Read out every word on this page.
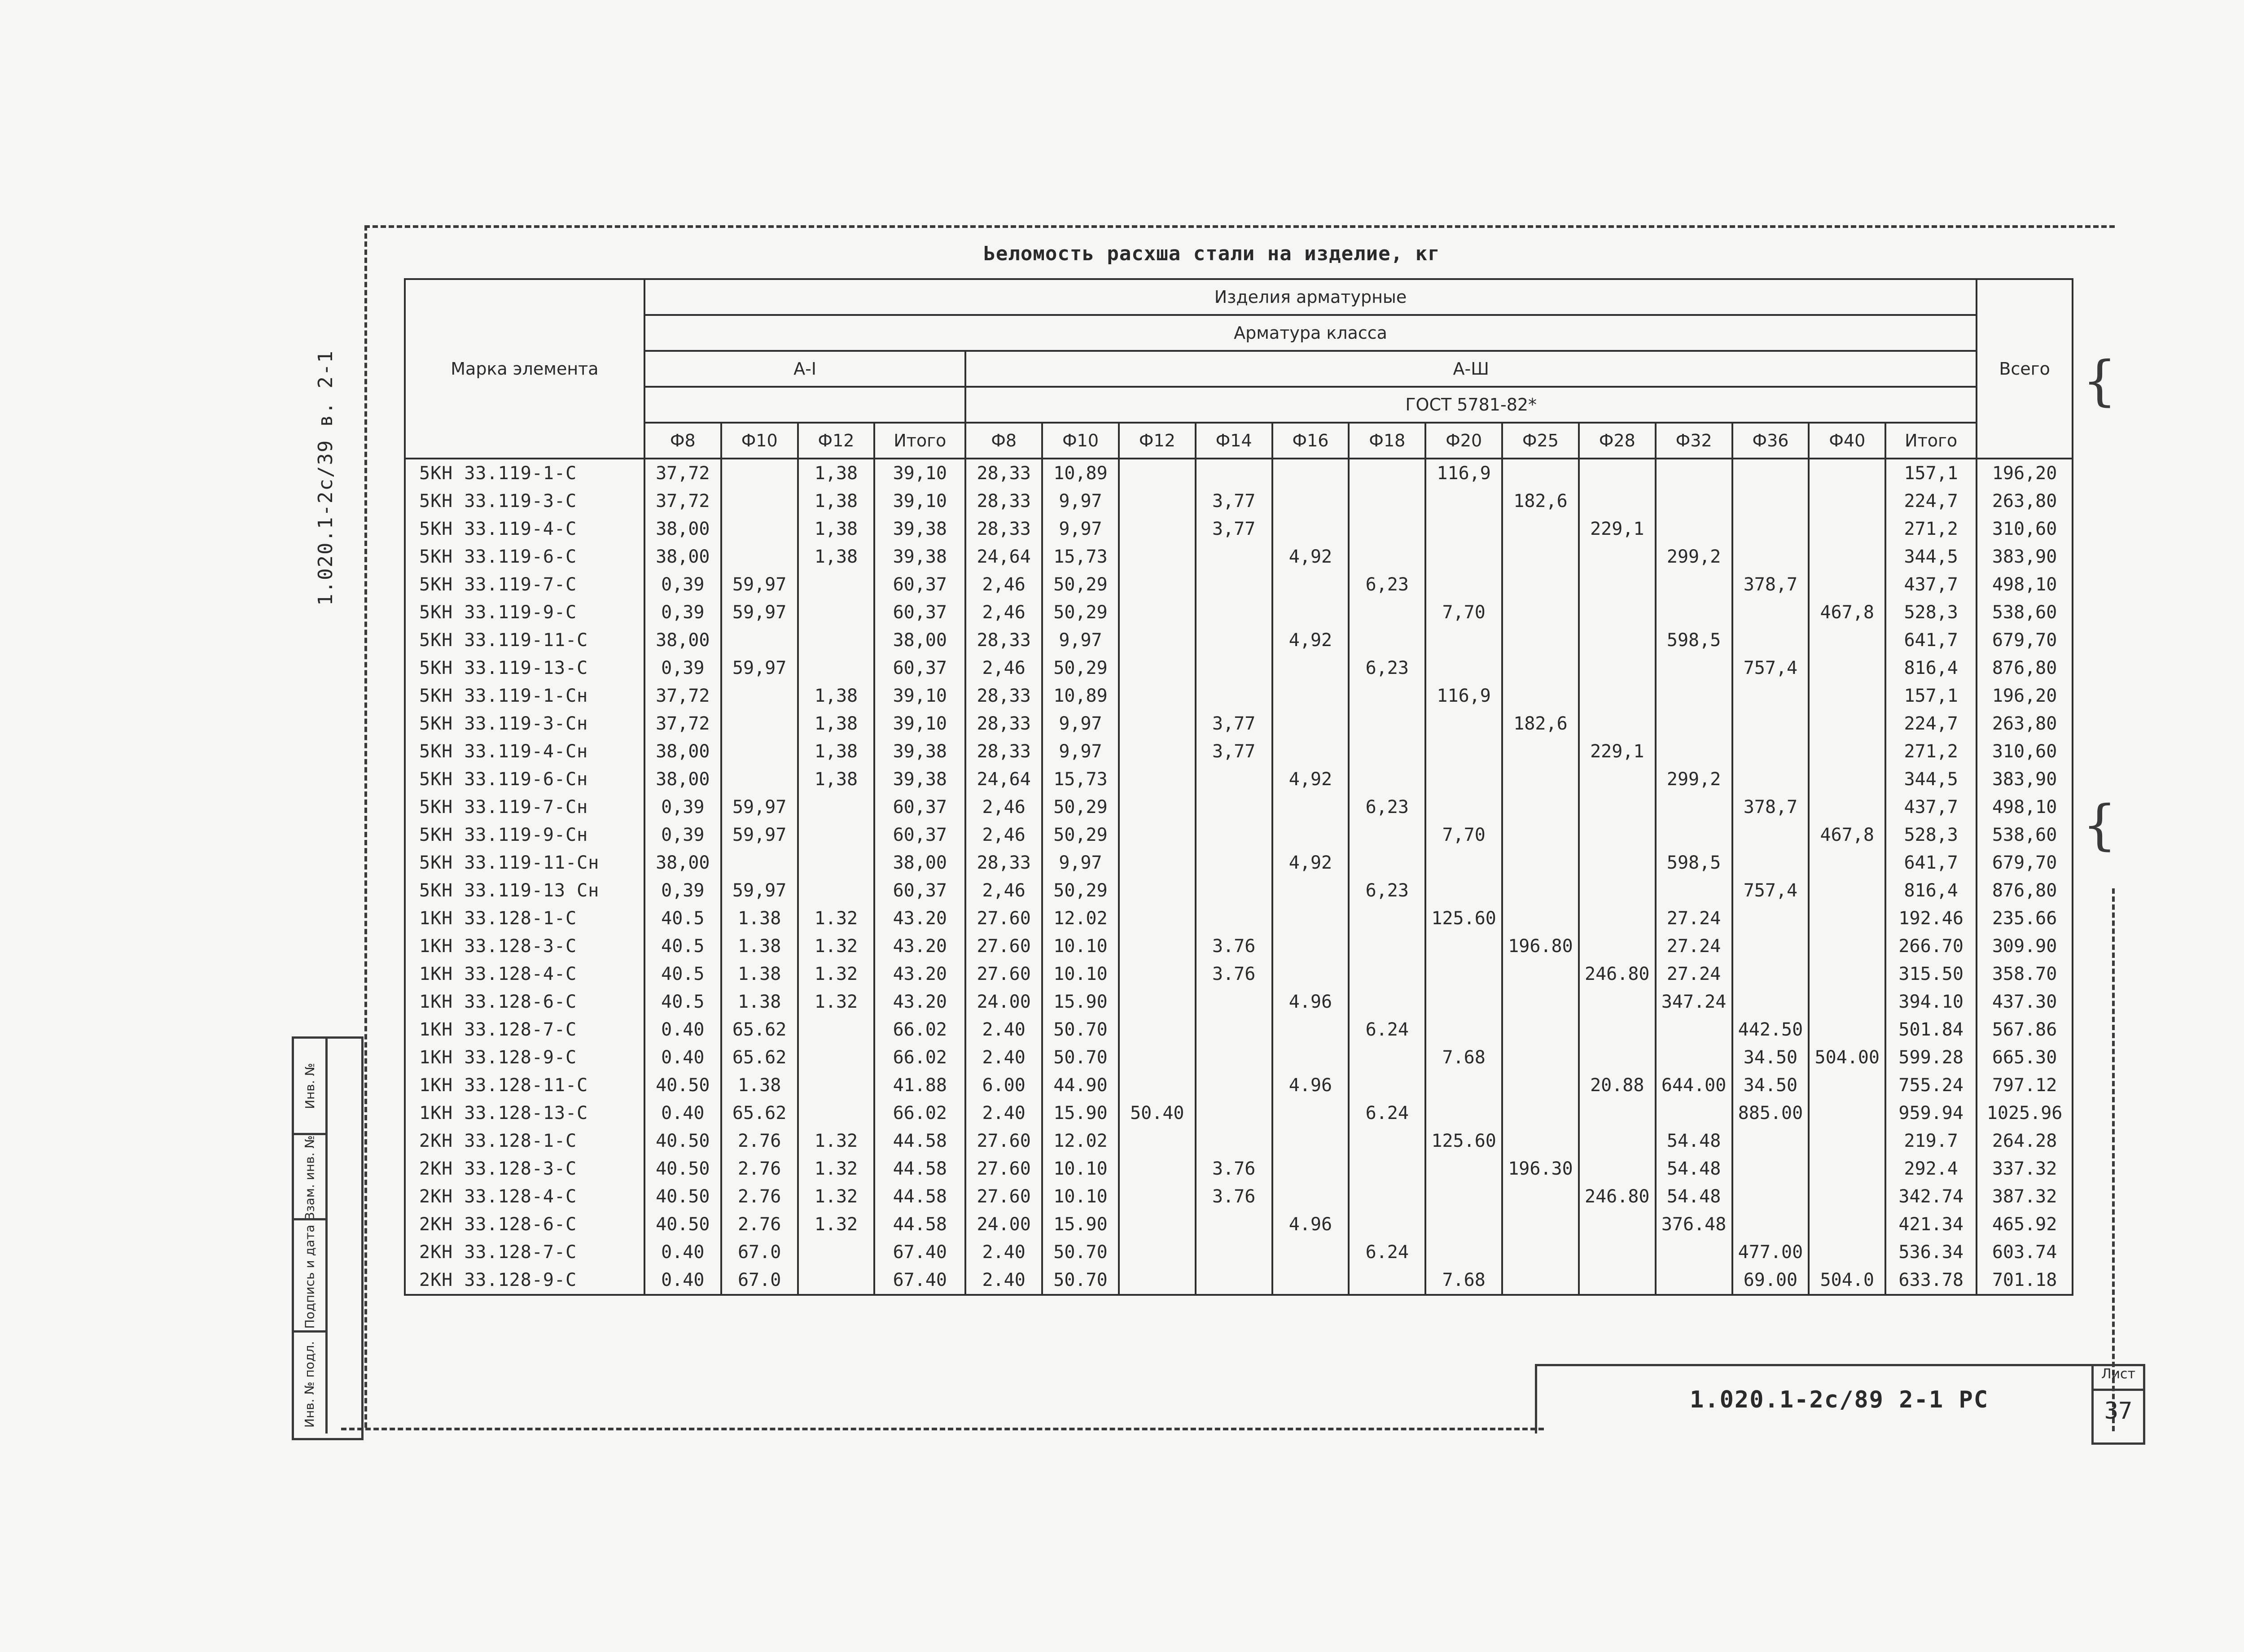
Ьеломость расхша стали на изделие, кг
1.020.1-2с/39 в. 2-1	{
{
Марка элемента	Изделия арматурные																	Всего
	Арматура класса																	
	А-I				А-Ш													
					ГОСТ 5781-82*													
	Ф8	Ф10	Ф12	Итого	Ф8	Ф10	Ф12	Ф14	Ф16	Ф18	Ф20	Ф25	Ф28	Ф32	Ф36	Ф40	Итого	
5КН 33.119-1-С	37,72		1,38	39,10	28,33	10,89					116,9						157,1	196,20
5КН 33.119-3-С	37,72		1,38	39,10	28,33	9,97		3,77				182,6					224,7	263,80
5КН 33.119-4-С	38,00		1,38	39,38	28,33	9,97		3,77					229,1				271,2	310,60
5КН 33.119-6-С	38,00		1,38	39,38	24,64	15,73			4,92					299,2			344,5	383,90
5КН 33.119-7-С	0,39	59,97		60,37	2,46	50,29				6,23					378,7		437,7	498,10
5КН 33.119-9-С	0,39	59,97		60,37	2,46	50,29					7,70					467,8	528,3	538,60
5КН 33.119-11-С	38,00			38,00	28,33	9,97			4,92					598,5			641,7	679,70
5КН 33.119-13-С	0,39	59,97		60,37	2,46	50,29				6,23					757,4		816,4	876,80
5КН 33.119-1-Сн	37,72		1,38	39,10	28,33	10,89					116,9						157,1	196,20
5КН 33.119-3-Сн	37,72		1,38	39,10	28,33	9,97		3,77				182,6					224,7	263,80
5КН 33.119-4-Сн	38,00		1,38	39,38	28,33	9,97		3,77					229,1				271,2	310,60
5КН 33.119-6-Сн	38,00		1,38	39,38	24,64	15,73			4,92					299,2			344,5	383,90
5КН 33.119-7-Сн	0,39	59,97		60,37	2,46	50,29				6,23					378,7		437,7	498,10
5КН 33.119-9-Сн	0,39	59,97		60,37	2,46	50,29					7,70					467,8	528,3	538,60
5КН 33.119-11-Сн	38,00			38,00	28,33	9,97			4,92					598,5			641,7	679,70
5КН 33.119-13 Сн	0,39	59,97		60,37	2,46	50,29				6,23					757,4		816,4	876,80
1КН 33.128-1-С	40.5	1.38	1.32	43.20	27.60	12.02					125.60			27.24			192.46	235.66
1КН 33.128-3-С	40.5	1.38	1.32	43.20	27.60	10.10		3.76				196.80		27.24			266.70	309.90
1КН 33.128-4-С	40.5	1.38	1.32	43.20	27.60	10.10		3.76					246.80	27.24			315.50	358.70
1КН 33.128-6-С	40.5	1.38	1.32	43.20	24.00	15.90			4.96					347.24			394.10	437.30
1КН 33.128-7-С	0.40	65.62		66.02	2.40	50.70				6.24					442.50		501.84	567.86
1КН 33.128-9-С	0.40	65.62		66.02	2.40	50.70					7.68				34.50	504.00	599.28	665.30
1КН 33.128-11-С	40.50	1.38		41.88	6.00	44.90			4.96				20.88	644.00	34.50		755.24	797.12
1КН 33.128-13-С	0.40	65.62		66.02	2.40	15.90	50.40			6.24					885.00		959.94	1025.96
2КН 33.128-1-С	40.50	2.76	1.32	44.58	27.60	12.02					125.60			54.48			219.7	264.28
2КН 33.128-3-С	40.50	2.76	1.32	44.58	27.60	10.10		3.76				196.30		54.48			292.4	337.32
2КН 33.128-4-С	40.50	2.76	1.32	44.58	27.60	10.10		3.76					246.80	54.48			342.74	387.32
2КН 33.128-6-С	40.50	2.76	1.32	44.58	24.00	15.90			4.96					376.48			421.34	465.92
2КН 33.128-7-С	0.40	67.0		67.40	2.40	50.70				6.24					477.00		536.34	603.74
2КН 33.128-9-С	0.40	67.0		67.40	2.40	50.70					7.68				69.00	504.0	633.78	701.18
Инв. №
Взам. инв. №
Подпись и дата
Инв. № подл.	1.020.1-2с/89 2-1 РС
Лист
37
